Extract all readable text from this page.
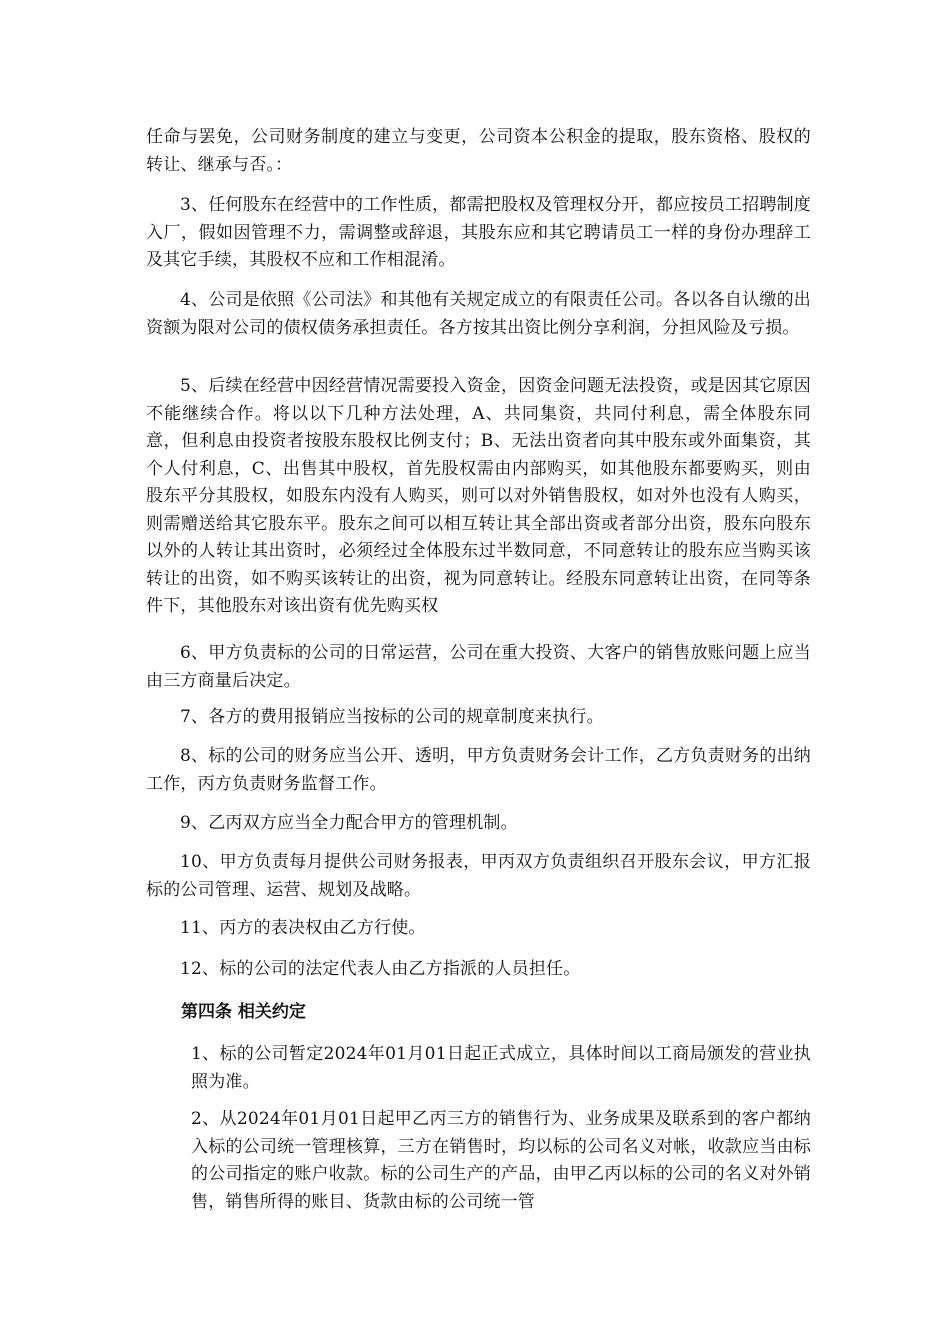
任命与罢免，公司财务制度的建立与变更，公司资本公积金的提取，股东资格、股权的转让、继承与否。：

3、任何股东在经营中的工作性质，都需把股权及管理权分开，都应按员工招聘制度入厂，假如因管理不力，需调整或辞退，其股东应和其它聘请员工一样的身份办理辞工及其它手续，其股权不应和工作相混淆。

4、公司是依照《公司法》和其他有关规定成立的有限责任公司。各以各自认缴的出资额为限对公司的债权债务承担责任。各方按其出资比例分享利润，分担风险及亏损。

5、后续在经营中因经营情况需要投入资金，因资金问题无法投资，或是因其它原因不能继续合作。将以以下几种方法处理，A、共同集资，共同付利息，需全体股东同意，但利息由投资者按股东股权比例支付；B、无法出资者向其中股东或外面集资，其个人付利息，C、出售其中股权，首先股权需由内部购买，如其他股东都要购买，则由股东平分其股权，如股东内没有人购买，则可以对外销售股权，如对外也没有人购买，则需赠送给其它股东平。股东之间可以相互转让其全部出资或者部分出资，股东向股东以外的人转让其出资时，必须经过全体股东过半数同意，不同意转让的股东应当购买该转让的出资，如不购买该转让的出资，视为同意转让。经股东同意转让出资，在同等条件下，其他股东对该出资有优先购买权

6、甲方负责标的公司的日常运营，公司在重大投资、大客户的销售放账问题上应当由三方商量后决定。

7、各方的费用报销应当按标的公司的规章制度来执行。

8、标的公司的财务应当公开、透明，甲方负责财务会计工作，乙方负责财务的出纳工作，丙方负责财务监督工作。

9、乙丙双方应当全力配合甲方的管理机制。

10、甲方负责每月提供公司财务报表，甲丙双方负责组织召开股东会议，甲方汇报标的公司管理、运营、规划及战略。

11、丙方的表决权由乙方行使。

12、标的公司的法定代表人由乙方指派的人员担任。

第四条 相关约定

1、标的公司暂定2024年01月01日起正式成立，具体时间以工商局颁发的营业执照为准。

2、从2024年01月01日起甲乙丙三方的销售行为、业务成果及联系到的客户都纳入标的公司统一管理核算，三方在销售时，均以标的公司名义对帐，收款应当由标的公司指定的账户收款。标的公司生产的产品，由甲乙丙以标的公司的名义对外销售，销售所得的账目、货款由标的公司统一管
